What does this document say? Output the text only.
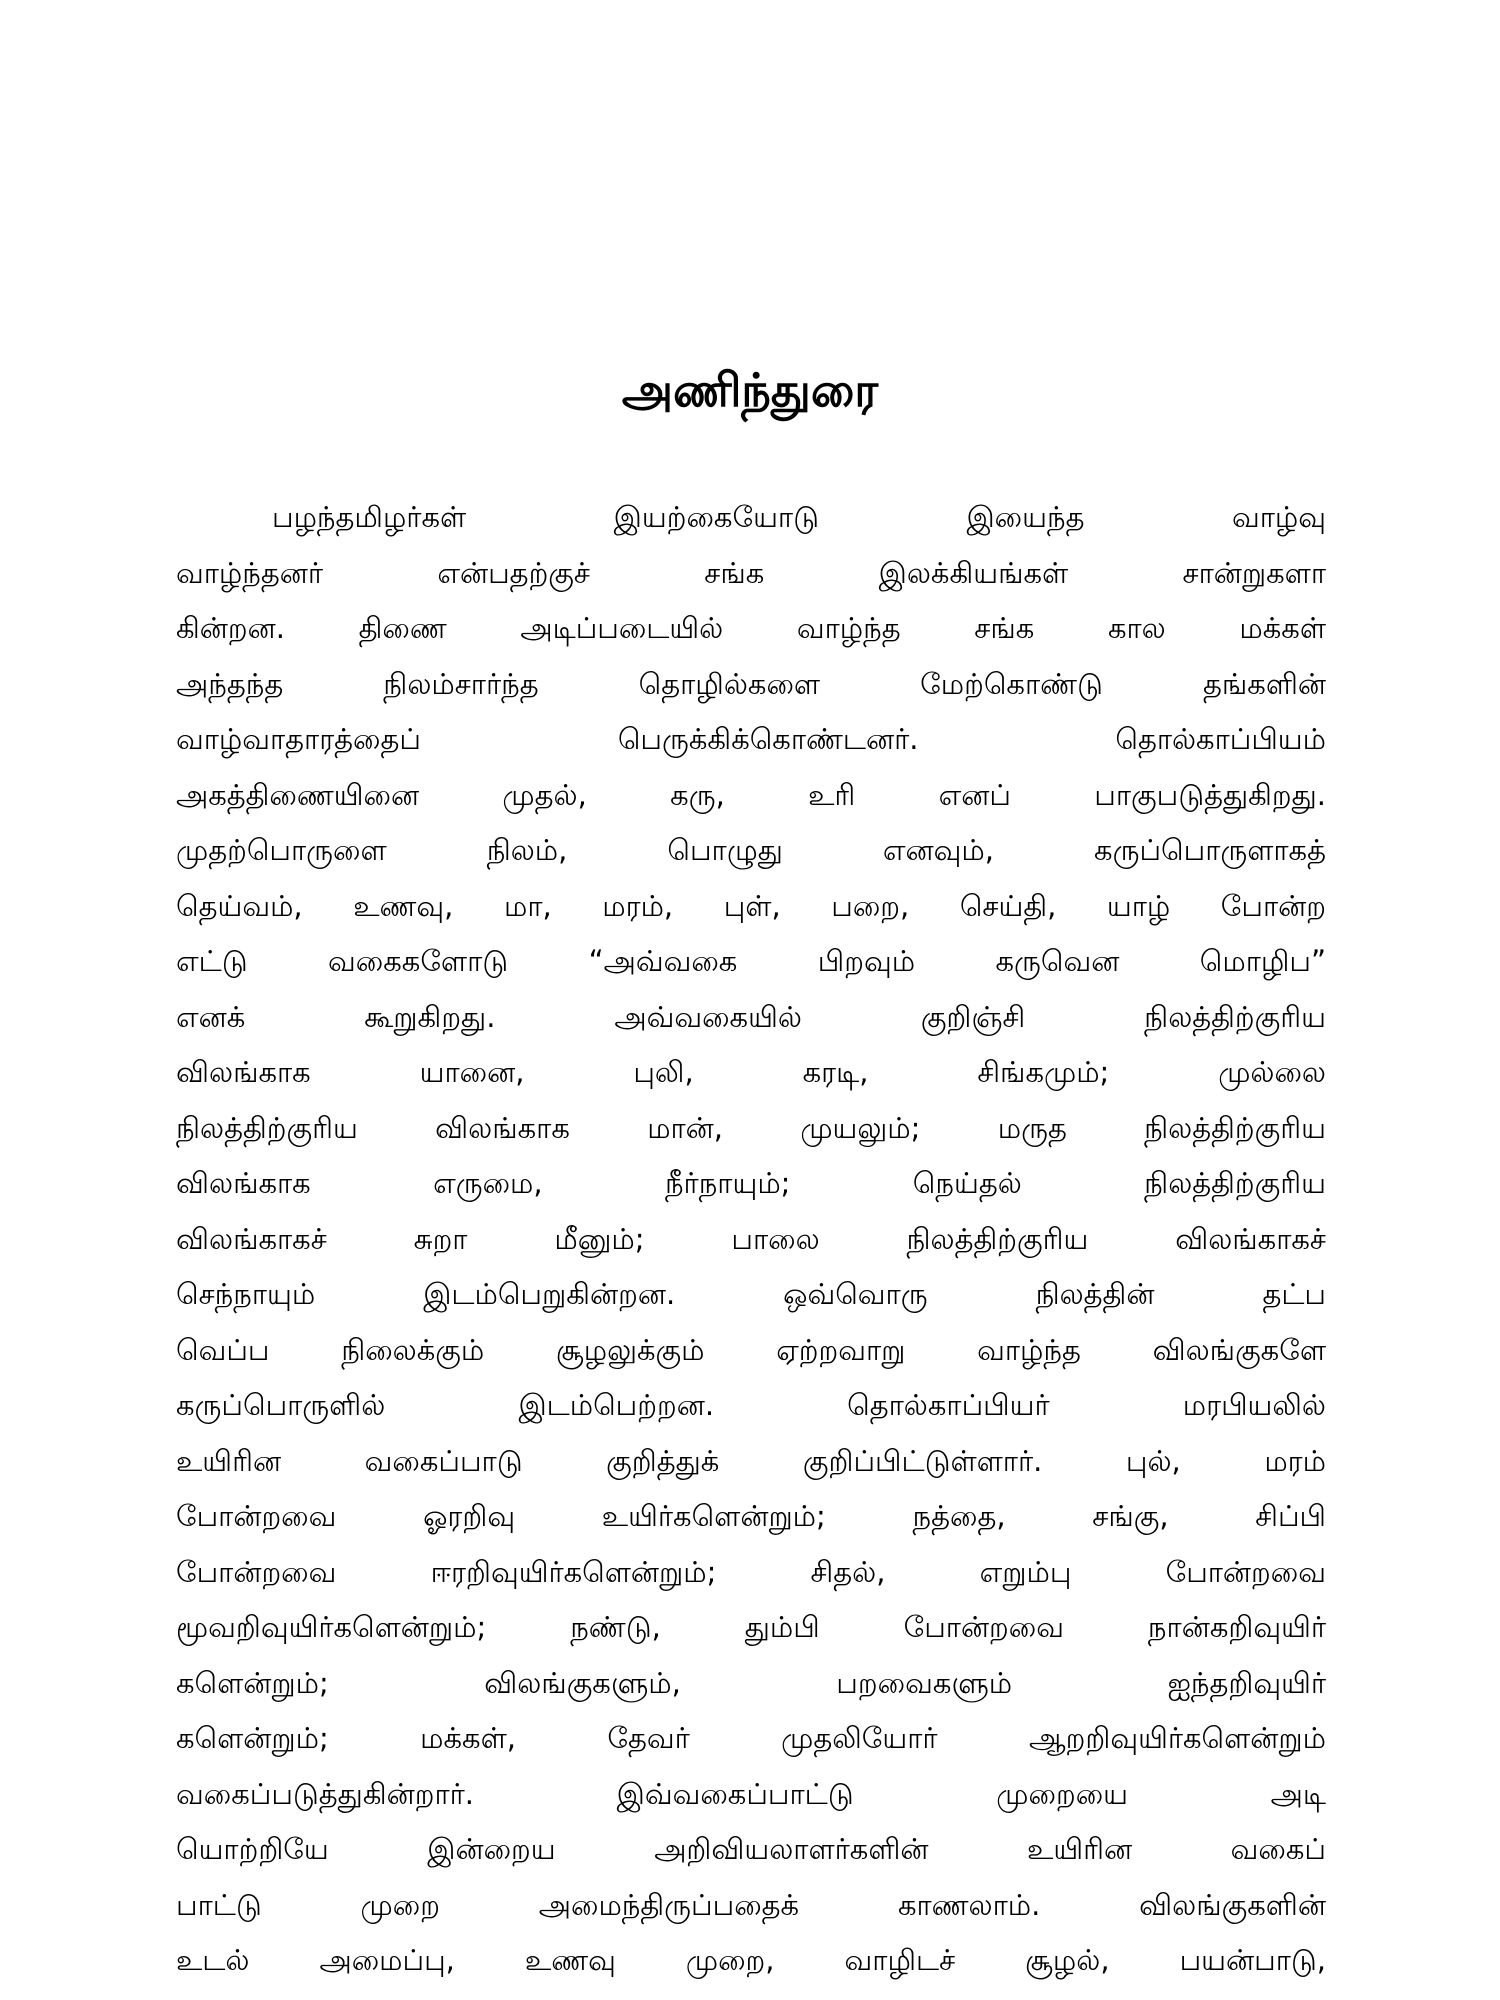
அணிந்துரை
பழந்தமிழர்கள் இயற்கையோடு இயைந்த வாழ்வு
வாழ்ந்தனர் என்பதற்குச் சங்க இலக்கியங்கள் சான்றுகளா
கின்றன. திணை அடிப்படையில் வாழ்ந்த சங்க கால மக்கள்
அந்தந்த நிலம்சார்ந்த தொழில்களை மேற்கொண்டு தங்களின்
வாழ்வாதாரத்தைப் பெருக்கிக்கொண்டனர். தொல்காப்பியம்
அகத்திணையினை முதல், கரு, உரி எனப் பாகுபடுத்துகிறது.
முதற்பொருளை நிலம், பொழுது எனவும், கருப்பொருளாகத்
தெய்வம், உணவு, மா, மரம், புள், பறை, செய்தி, யாழ் போன்ற
எட்டு வகைகளோடு “அவ்வகை பிறவும் கருவென மொழிப”
எனக் கூறுகிறது. அவ்வகையில் குறிஞ்சி நிலத்திற்குரிய
விலங்காக யானை, புலி, கரடி, சிங்கமும்; முல்லை
நிலத்திற்குரிய விலங்காக மான், முயலும்; மருத நிலத்திற்குரிய
விலங்காக எருமை, நீர்நாயும்; நெய்தல் நிலத்திற்குரிய
விலங்காகச் சுறா மீனும்; பாலை நிலத்திற்குரிய விலங்காகச்
செந்நாயும் இடம்பெறுகின்றன. ஒவ்வொரு நிலத்தின் தட்ப
வெப்ப நிலைக்கும் சூழலுக்கும் ஏற்றவாறு வாழ்ந்த விலங்குகளே
கருப்பொருளில் இடம்பெற்றன. தொல்காப்பியர் மரபியலில்
உயிரின வகைப்பாடு குறித்துக் குறிப்பிட்டுள்ளார். புல், மரம்
போன்றவை ஓரறிவு உயிர்களென்றும்; நத்தை, சங்கு, சிப்பி
போன்றவை ஈரறிவுயிர்களென்றும்; சிதல், எறும்பு போன்றவை
மூவறிவுயிர்களென்றும்; நண்டு, தும்பி போன்றவை நான்கறிவுயிர்
களென்றும்; விலங்குகளும், பறவைகளும் ஐந்தறிவுயிர்
களென்றும்; மக்கள், தேவர் முதலியோர் ஆறறிவுயிர்களென்றும்
வகைப்படுத்துகின்றார். இவ்வகைப்பாட்டு முறையை அடி
யொற்றியே இன்றைய அறிவியலாளர்களின் உயிரின வகைப்
பாட்டு முறை அமைந்திருப்பதைக் காணலாம். விலங்குகளின்
உடல் அமைப்பு, உணவு முறை, வாழிடச் சூழல், பயன்பாடு,
